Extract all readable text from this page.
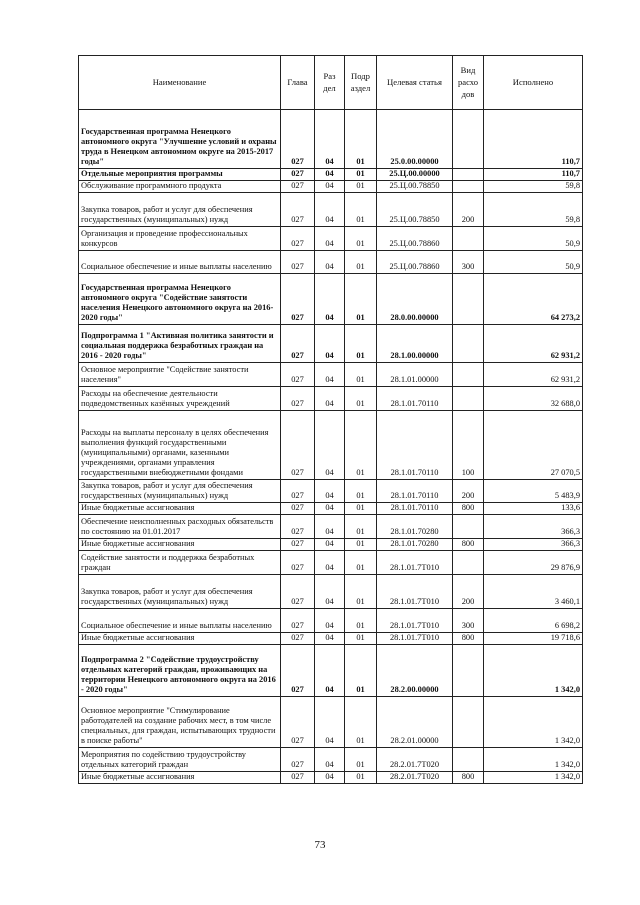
Наименование	Глава	Раз дел	Подр аздел	Целевая статья	Вид расхо дов	Исполнено
Государственная программа Ненецкого автономного округа "Улучшение условий и охраны труда в Ненецком автономном округе на 2015-2017 годы"	027	04	01	25.0.00.00000		110,7
Отдельные мероприятия программы	027	04	01	25.Ц.00.00000		110,7
Обслуживание программного продукта	027	04	01	25.Ц.00.78850		59,8
Закупка товаров, работ и услуг для обеспечения государственных (муниципальных) нужд	027	04	01	25.Ц.00.78850	200	59,8
Организация и проведение профессиональных конкурсов	027	04	01	25.Ц.00.78860		50,9
Социальное обеспечение и иные выплаты населению	027	04	01	25.Ц.00.78860	300	50,9
Государственная программа Ненецкого автономного округа "Содействие занятости населения Ненецкого автономного округа на 2016-2020 годы"	027	04	01	28.0.00.00000		64 273,2
Подпрограмма 1 "Активная политика занятости и социальная поддержка безработных граждан на 2016 - 2020 годы"	027	04	01	28.1.00.00000		62 931,2
Основное мероприятие "Содействие занятости населения"	027	04	01	28.1.01.00000		62 931,2
Расходы на обеспечение деятельности подведомственных казённых учреждений	027	04	01	28.1.01.70110		32 688,0
Расходы на выплаты персоналу в целях обеспечения выполнения функций государственными (муниципальными) органами, казенными учреждениями, органами управления государственными внебюджетными фондами	027	04	01	28.1.01.70110	100	27 070,5
Закупка товаров, работ и услуг для обеспечения государственных (муниципальных) нужд	027	04	01	28.1.01.70110	200	5 483,9
Иные бюджетные ассигнования	027	04	01	28.1.01.70110	800	133,6
Обеспечение неисполненных расходных обязательств по состоянию на 01.01.2017	027	04	01	28.1.01.70280		366,3
Иные бюджетные ассигнования	027	04	01	28.1.01.70280	800	366,3
Содействие занятости и поддержка безработных граждан	027	04	01	28.1.01.7Т010		29 876,9
Закупка товаров, работ и услуг для обеспечения государственных (муниципальных) нужд	027	04	01	28.1.01.7Т010	200	3 460,1
Социальное обеспечение и иные выплаты населению	027	04	01	28.1.01.7Т010	300	6 698,2
Иные бюджетные ассигнования	027	04	01	28.1.01.7Т010	800	19 718,6
Подпрограмма 2 "Содействие трудоустройству отдельных категорий граждан, проживающих на территории Ненецкого автономного округа на 2016 - 2020 годы"	027	04	01	28.2.00.00000		1 342,0
Основное мероприятие "Стимулирование работодателей на создание рабочих мест, в том числе специальных, для граждан, испытывающих трудности в поиске работы"	027	04	01	28.2.01.00000		1 342,0
Мероприятия по содействию трудоустройству отдельных категорий граждан	027	04	01	28.2.01.7Т020		1 342,0
Иные бюджетные ассигнования	027	04	01	28.2.01.7Т020	800	1 342,0
73
